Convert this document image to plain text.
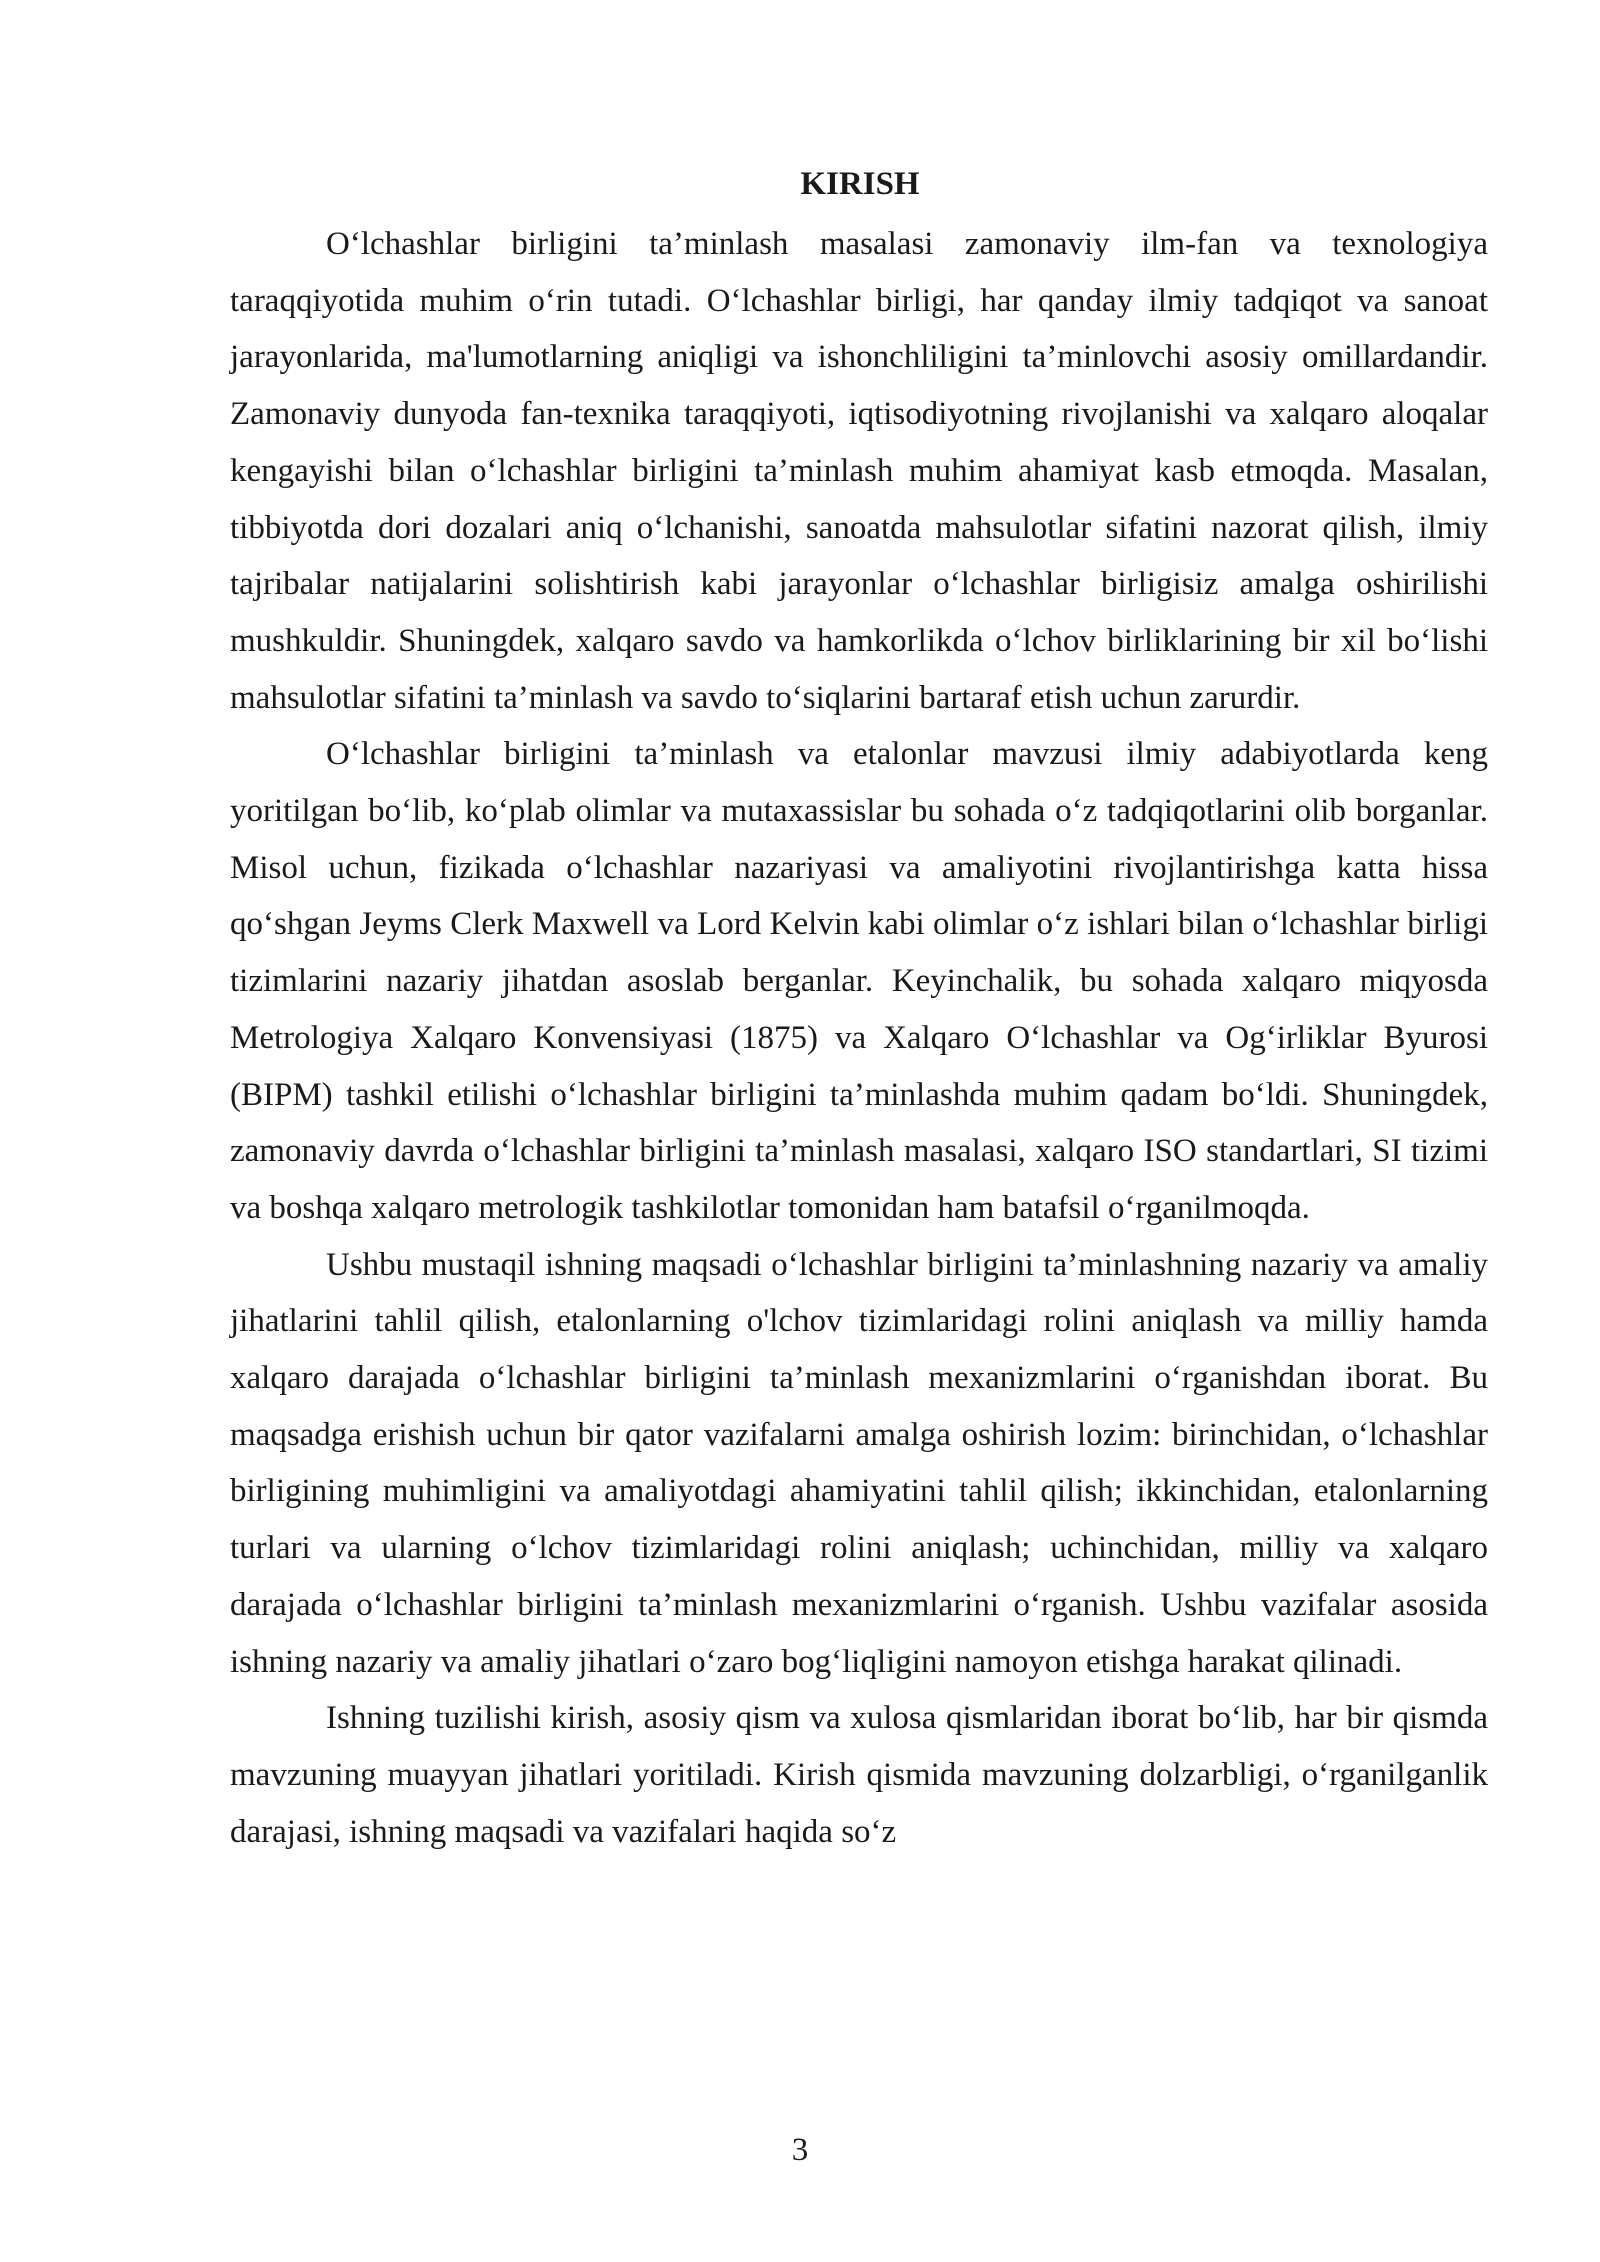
KIRISH

O‘lchashlar birligini ta’minlash masalasi zamonaviy ilm-fan va texnologiya taraqqiyotida muhim o‘rin tutadi. O‘lchashlar birligi, har qanday ilmiy tadqiqot va sanoat jarayonlarida, ma'lumotlarning aniqligi va ishonchliligini ta’minlovchi asosiy omillardandir. Zamonaviy dunyoda fan-texnika taraqqiyoti, iqtisodiyotning rivojlanishi va xalqaro aloqalar kengayishi bilan o‘lchashlar birligini ta’minlash muhim ahamiyat kasb etmoqda. Masalan, tibbiyotda dori dozalari aniq o‘lchanishi, sanoatda mahsulotlar sifatini nazorat qilish, ilmiy tajribalar natijalarini solishtirish kabi jarayonlar o‘lchashlar birligisiz amalga oshirilishi mushkuldir. Shuningdek, xalqaro savdo va hamkorlikda o‘lchov birliklarining bir xil bo‘lishi mahsulotlar sifatini ta’minlash va savdo to‘siqlarini bartaraf etish uchun zarurdir.

O‘lchashlar birligini ta’minlash va etalonlar mavzusi ilmiy adabiyotlarda keng yoritilgan bo‘lib, ko‘plab olimlar va mutaxassislar bu sohada o‘z tadqiqotlarini olib borganlar. Misol uchun, fizikada o‘lchashlar nazariyasi va amaliyotini rivojlantirishga katta hissa qo‘shgan Jeyms Clerk Maxwell va Lord Kelvin kabi olimlar o‘z ishlari bilan o‘lchashlar birligi tizimlarini nazariy jihatdan asoslab berganlar. Keyinchalik, bu sohada xalqaro miqyosda Metrologiya Xalqaro Konvensiyasi (1875) va Xalqaro O‘lchashlar va Og‘irliklar Byurosi (BIPM) tashkil etilishi o‘lchashlar birligini ta’minlashda muhim qadam bo‘ldi. Shuningdek, zamonaviy davrda o‘lchashlar birligini ta’minlash masalasi, xalqaro ISO standartlari, SI tizimi va boshqa xalqaro metrologik tashkilotlar tomonidan ham batafsil o‘rganilmoqda.

Ushbu mustaqil ishning maqsadi o‘lchashlar birligini ta’minlashning nazariy va amaliy jihatlarini tahlil qilish, etalonlarning o'lchov tizimlaridagi rolini aniqlash va milliy hamda xalqaro darajada o‘lchashlar birligini ta’minlash mexanizmlarini o‘rganishdan iborat. Bu maqsadga erishish uchun bir qator vazifalarni amalga oshirish lozim: birinchidan, o‘lchashlar birligining muhimligini va amaliyotdagi ahamiyatini tahlil qilish; ikkinchidan, etalonlarning turlari va ularning o‘lchov tizimlaridagi rolini aniqlash; uchinchidan, milliy va xalqaro darajada o‘lchashlar birligini ta’minlash mexanizmlarini o‘rganish. Ushbu vazifalar asosida ishning nazariy va amaliy jihatlari o‘zaro bog‘liqligini namoyon etishga harakat qilinadi.

Ishning tuzilishi kirish, asosiy qism va xulosa qismlaridan iborat bo‘lib, har bir qismda mavzuning muayyan jihatlari yoritiladi. Kirish qismida mavzuning dolzarbligi, o‘rganilganlik darajasi, ishning maqsadi va vazifalari haqida so‘z

3
